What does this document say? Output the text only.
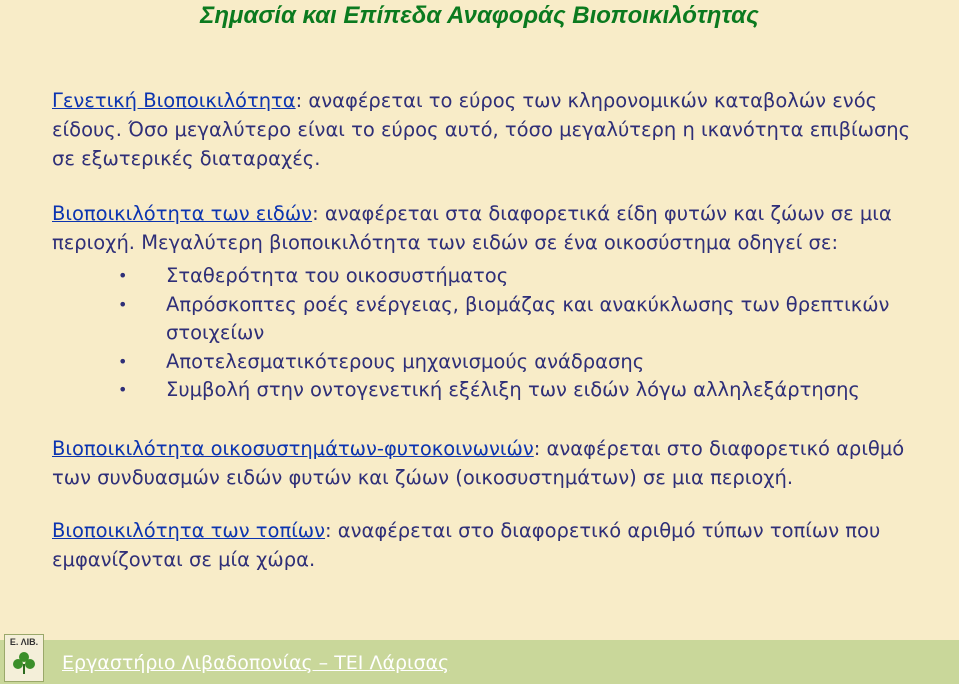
Σημασία και Επίπεδα Αναφοράς Βιοποικιλότητας

Γενετική Βιοποικιλότητα: αναφέρεται το εύρος των κληρονομικών καταβολών ενός είδους. Όσο μεγαλύτερο είναι το εύρος αυτό, τόσο μεγαλύτερη η ικανότητα επιβίωσης σε εξωτερικές διαταραχές.

Βιοποικιλότητα των ειδών: αναφέρεται στα διαφορετικά είδη φυτών και ζώων σε μια περιοχή. Μεγαλύτερη βιοποικιλότητα των ειδών σε ένα οικοσύστημα οδηγεί σε:

• Σταθερότητα του οικοσυστήματος
• Απρόσκοπτες ροές ενέργειας, βιομάζας και ανακύκλωσης των θρεπτικών στοιχείων
• Αποτελεσματικότερους μηχανισμούς ανάδρασης
• Συμβολή στην οντογενετική εξέλιξη των ειδών λόγω αλληλεξάρτησης

Βιοποικιλότητα οικοσυστημάτων-φυτοκοινωνιών: αναφέρεται στο διαφορετικό αριθμό των συνδυασμών ειδών φυτών και ζώων (οικοσυστημάτων) σε μια περιοχή.

Βιοποικιλότητα των τοπίων: αναφέρεται στο διαφορετικό αριθμό τύπων τοπίων που εμφανίζονται σε μία χώρα.

Ε. ΛΙΒ.
Εργαστήριο Λιβαδοπονίας – ΤΕΙ Λάρισας
